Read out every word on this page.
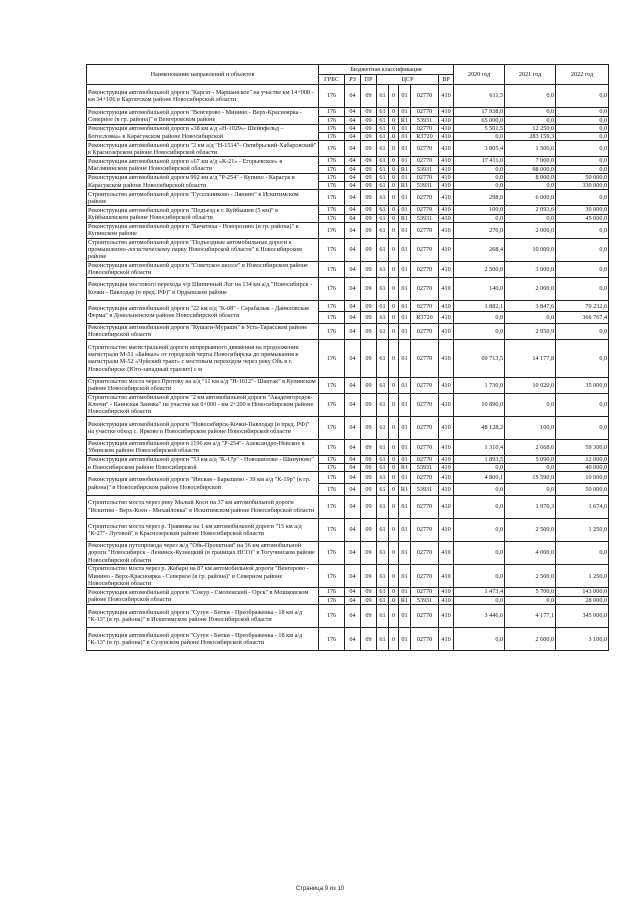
Наименование направлений и объектов	Бюджетная классификация								2020 год	2021 год	2022 год
	ГРБС	РЗ	ПР	ЦСР				ВР			
Реконструкция автомобильной дороги "Каргат - Маршанское" на участке км 14+008 - км 34+106 в Каргатском районе Новосибирской области	176	04	09	61	0	01	02770	410	611,5	0,0	0,0
Реконструкция автомобильной дороги "Венгерово - Минино - Верх-Красноярка - Северное (в гр. района)" в Венгеровском районе	176	04	09	61	0	01	02770	410	17 938,0	0,0	0,0
	176	04	09	61	0	R1	53931	410	65 000,0	0,0	0,0
Реконструкция автомобильной дороги «38 км а/д «Н-1029»- Шейнфельд – Богословка» в Карасукском районе Новосибирской	176	04	09	61	0	01	02770	410	5 501,5	12 250,0	0,0
	176	04	09	61	0	01	R3720	410	0,0	283 159,3	0,0
Реконструкция автомобильной дороги "2 км а/д "Н-1514"- Октябрьский-Хабаровский" в Краснозерском районе Новосибирской области	176	04	09	61	0	01	02770	410	3 805,4	1 506,6	0,0
Реконструкция автомобильной дороги «67 км а/д «К-21» - Егорьевское» в Маслянинском районе Новосибирской области	176	04	09	61	0	01	02770	410	17 411,0	7 000,0	0,0
	176	04	09	61	0	R1	53931	410	0,0	98 000,0	0,0
Реконструкция автомобильной дороги 992 км а/д "Р-254" - Купино - Карасук в Карасукском районе Новосибирской области	176	04	09	61	0	01	02770	410	0,0	8 000,0	50 000,0
	176	04	09	61	0	R1	53931	410	0,0	0,0	330 000,0
Строительство автомобильной дороги "Гусельниково - Лянино" в Искитимском районе	176	04	09	61	0	01	02770	410	298,0	6 000,0	0,0
Реконструкция автомобильной дороги "Подъезд к г. Куйбышев (5 км)" в Куйбышевском районе Новосибирской области	176	04	09	61	0	01	02770	410	100,0	2 093,6	30 000,0
	176	04	09	61	0	R1	53931	410	0,0	0,0	45 000,0
Реконструкция автомобильной дороги "Бичатиха - Новорозино (в гр. района)" в Купинском районе	176	04	09	61	0	01	02770	410	270,0	2 000,0	0,0
Строительство автомобильной дороги "Подъездные автомобильные дороги к промышленно-логистическому парку Новосибирской области" в Новосибирском районе	176	04	09	61	0	01	02770	410	268,4	10 000,0	0,0
Реконструкция автомобильной дороги "Советское шоссе" в Новосибирском районе Новосибирской области	176	04	09	61	0	01	02770	410	2 500,0	3 000,0	0,0
Реконструкция мостового перехода ч/р Шипичный Лог на 134 км а/д "Новосибирск - Кочки - Павлодар (в пред. РФ)" в Ордынском районе	176	04	09	61	0	01	02770	410	140,0	2 000,0	0,0
Реконструкция автомобильной дороги "22 км а/д "К-08" - Сарабалык - Даниловская Ферма" в Довольненском районе Новосибирской области	176	04	09	61	0	01	02770	410	1 882,1	3 847,6	70 232,6
	176	04	09	61	0	01	R3720	410	0,0	0,0	366 767,4
Реконструкция автомобильной дороги "Кушаги-Мурашн" в Усть-Тарасском районе Новосибирской области	176	04	09	61	0	01	02770	410	0,0	2 950,9	0,0
Строительство магистральной дороги непрерывного движения на продолжении магистрали М-51 «Байкал» от городской черты Новосибирска до примыкания к магистрали М-52 «Чуйский тракт» с мостовым переходом через реку Обь в г. Новосибирске (Юго-западный транзит) с м	176	04	09	61	0	01	02770	410	69 713,5	14 177,8	0,0
Строительство моста через Протоку на а/д "11 км а/д "Н-1612"- Шантак" в Купинском районе Новосибирской области	176	04	09	61	0	01	02770	410	1 730,0	10 020,0	35 000,0
Строительство автомобильной дороги "2 км автомобильной дороги "Академгородок-Ключи" - Каинская Заимка" на участке км 0+000 - км 2+200 в Новосибирском районе Новосибирской области	176	04	09	61	0	01	02770	410	10 890,0	0,0	0,0
Реконструкция автомобильной дороги "Новосибирск-Кочки-Павлодар (в пред. РФ)" на участке обход с. Ярково в Новосибирском районе Новосибирской области	176	04	09	61	0	01	02770	410	48 128,2	100,0	0,0
Реконструкция автомобильной дороги 1196 км а/д "Р-254"- Александро-Невское в Убинском районе Новосибирской области	176	04	09	61	0	01	02770	410	1 310,4	2 668,6	59 300,0
Реконструкция автомобильной дороги "53 км а/д "К-17р" - Новошилово - Шипуново" в Новосибирском районе Новосибирской	176	04	09	61	0	01	02770	410	1 893,5	5 090,0	12 000,0
	176	04	09	61	0	R1	53931	410	0,0	0,0	40 000,0
Реконструкция автомобильной дороги "Инская - Барышево - 39 км а/д "К-19р" (в гр. района)" в Новосибирском районе Новосибирской	176	04	09	61	0	01	02770	410	4 800,1	15 590,0	10 000,0
	176	04	09	61	0	R1	53931	410	0,0	0,0	50 000,0
Строительство моста через реку Малый Косн на 37 км автомобильной дороги "Искитим - Верх-Коен - Михайловка" в Искитимском районе Новосибирской области	176	04	09	61	0	01	02770	410	0,0	1 970,3	1 674,0
Строительство моста через р. Травянка на 1 км автомобильной дороги "15 км а/д "К-27"- Луговой" в Краснозерском районе Новосибирской области	176	04	09	61	0	01	02770	410	0,0	2 500,0	1 250,0
Реконструкция путепровода через ж/д "Обь-Проектная" на 36 км автомобильной дороги "Новосибирск - Ленинск-Кузнецкий (в границах НСО)" в Тогучинском районе Новосибирской области	176	04	09	61	0	01	02770	410	0,0	4 000,0	0,0
Строительство моста через р. Жабарн на 87 км автомобильной дороги "Венгерово - Минино - Верх-Красноярка - Северное (в гр. района)" в Северном районе Новосибирской области	176	04	09	61	0	01	02770	410	0,0	2 500,0	1 250,0
Реконструкция автомобильной дороги "Сокур - Смоленский - Орск" в Мошковском районе Новосибирской области	176	04	09	61	0	01	02770	410	1 473,4	5 700,0	143 000,0
	176	04	09	61	0	R1	53931	410	0,0	0,0	28 000,0
Реконструкция автомобильной дороги "Сузун - Битки - Преображенка - 18 км а/д "К-13" (в гр. района)" в Искитимском районе Новосибирской области	176	04	09	61	0	01	02770	410	3 446,6	4 177,1	345 000,0
Реконструкция автомобильной дороги "Сузун - Битки - Преображенка - 18 км а/д "К-13" (в гр. района)" в Сузунском районе Новосибирской области	176	04	09	61	0	01	02770	410	0,0	2 600,0	3 100,0
Страница 9 из 10
